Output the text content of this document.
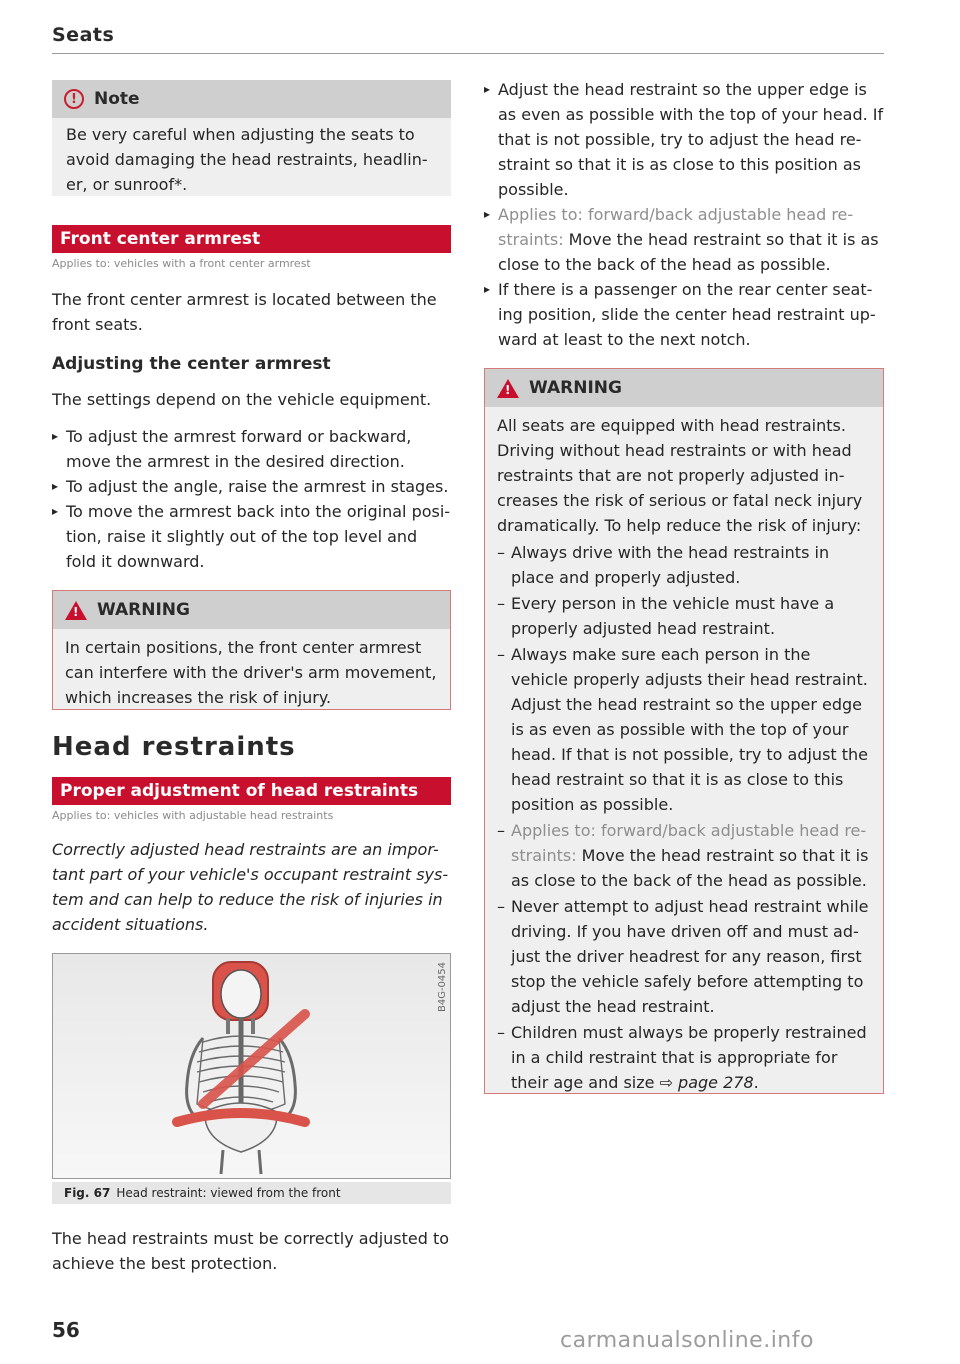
Seats
!	Note

Be very careful when adjusting the seats to avoid damaging the head restraints, headlin-er, or sunroof*.

Front center armrest
Applies to: vehicles with a front center armrest

The front center armrest is located between the front seats.

Adjusting the center armrest

The settings depend on the vehicle equipment.

▸ To adjust the armrest forward or backward, move the armrest in the desired direction.
▸ To adjust the angle, raise the armrest in stages.
▸ To move the armrest back into the original posi-tion, raise it slightly out of the top level and fold it downward.
! WARNING

In certain positions, the front center armrest can interfere with the driver's arm movement, which increases the risk of injury.

Head restraints
Proper adjustment of head restraints
Applies to: vehicles with adjustable head restraints

Correctly adjusted head restraints are an impor-tant part of your vehicle's occupant restraint sys-tem and can help to reduce the risk of injuries in accident situations.

B4G-0454
Fig. 67 Head restraint: viewed from the front

The head restraints must be correctly adjusted to achieve the best protection.

▸ Adjust the head restraint so the upper edge is as even as possible with the top of your head. If that is not possible, try to adjust the head re-straint so that it is as close to this position as possible.
▸ Applies to: forward/back adjustable head re-straints: Move the head restraint so that it is as close to the back of the head as possible.
▸ If there is a passenger on the rear center seat-ing position, slide the center head restraint up-ward at least to the next notch.
! WARNING

All seats are equipped with head restraints. Driving without head restraints or with head restraints that are not properly adjusted in-creases the risk of serious or fatal neck injury dramatically. To help reduce the risk of injury:

– Always drive with the head restraints in place and properly adjusted.
– Every person in the vehicle must have a properly adjusted head restraint.
– Always make sure each person in the vehicle properly adjusts their head restraint. Adjust the head restraint so the upper edge is as even as possible with the top of your head. If that is not possible, try to adjust the head restraint so that it is as close to this position as possible.
– Applies to: forward/back adjustable head re-straints: Move the head restraint so that it is as close to the back of the head as possible.
– Never attempt to adjust head restraint while driving. If you have driven off and must ad-just the driver headrest for any reason, first stop the vehicle safely before attempting to adjust the head restraint.
– Children must always be properly restrained in a child restraint that is appropriate for their age and size ⇨ page 278.
56	carmanualsonline.info
